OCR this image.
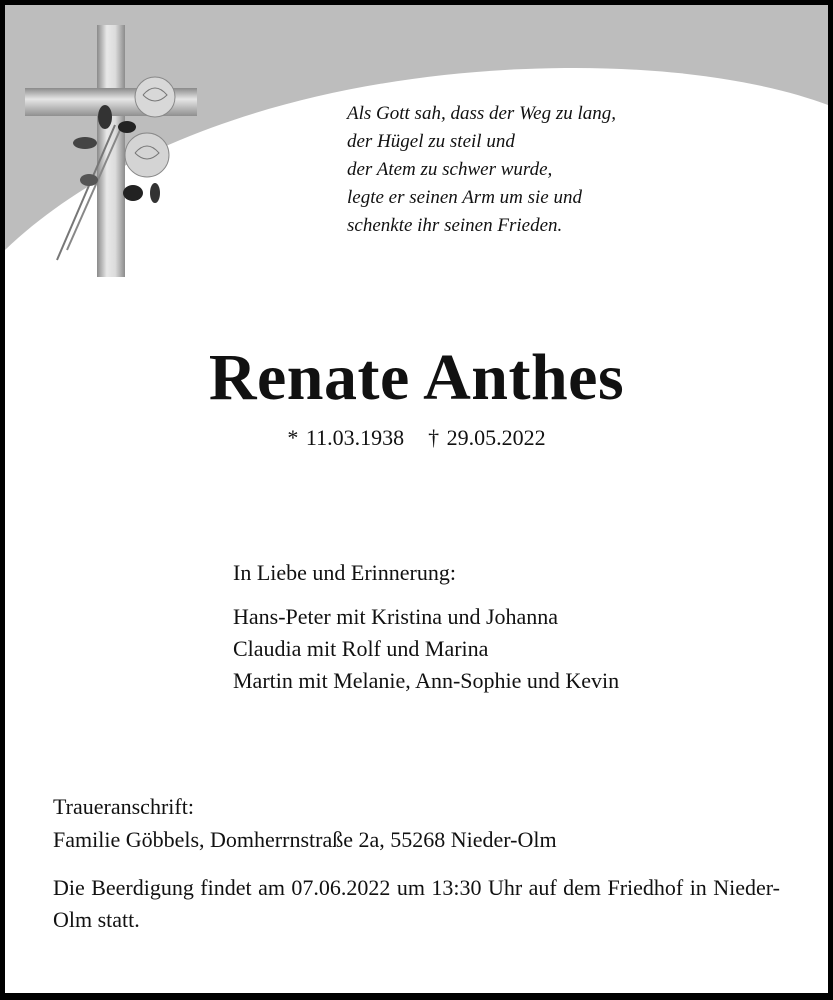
Als Gott sah, dass der Weg zu lang,
der Hügel zu steil und
der Atem zu schwer wurde,
legte er seinen Arm um sie und
schenkte ihr seinen Frieden.
Renate Anthes
* 11.03.1938 † 29.05.2022
In Liebe und Erinnerung:
Hans-Peter mit Kristina und Johanna
Claudia mit Rolf und Marina
Martin mit Melanie, Ann-Sophie und Kevin
Traueranschrift:
Familie Göbbels, Domherrnstraße 2a, 55268 Nieder-Olm
Die Beerdigung findet am 07.06.2022 um 13:30 Uhr auf dem Friedhof in Nieder-Olm statt.
